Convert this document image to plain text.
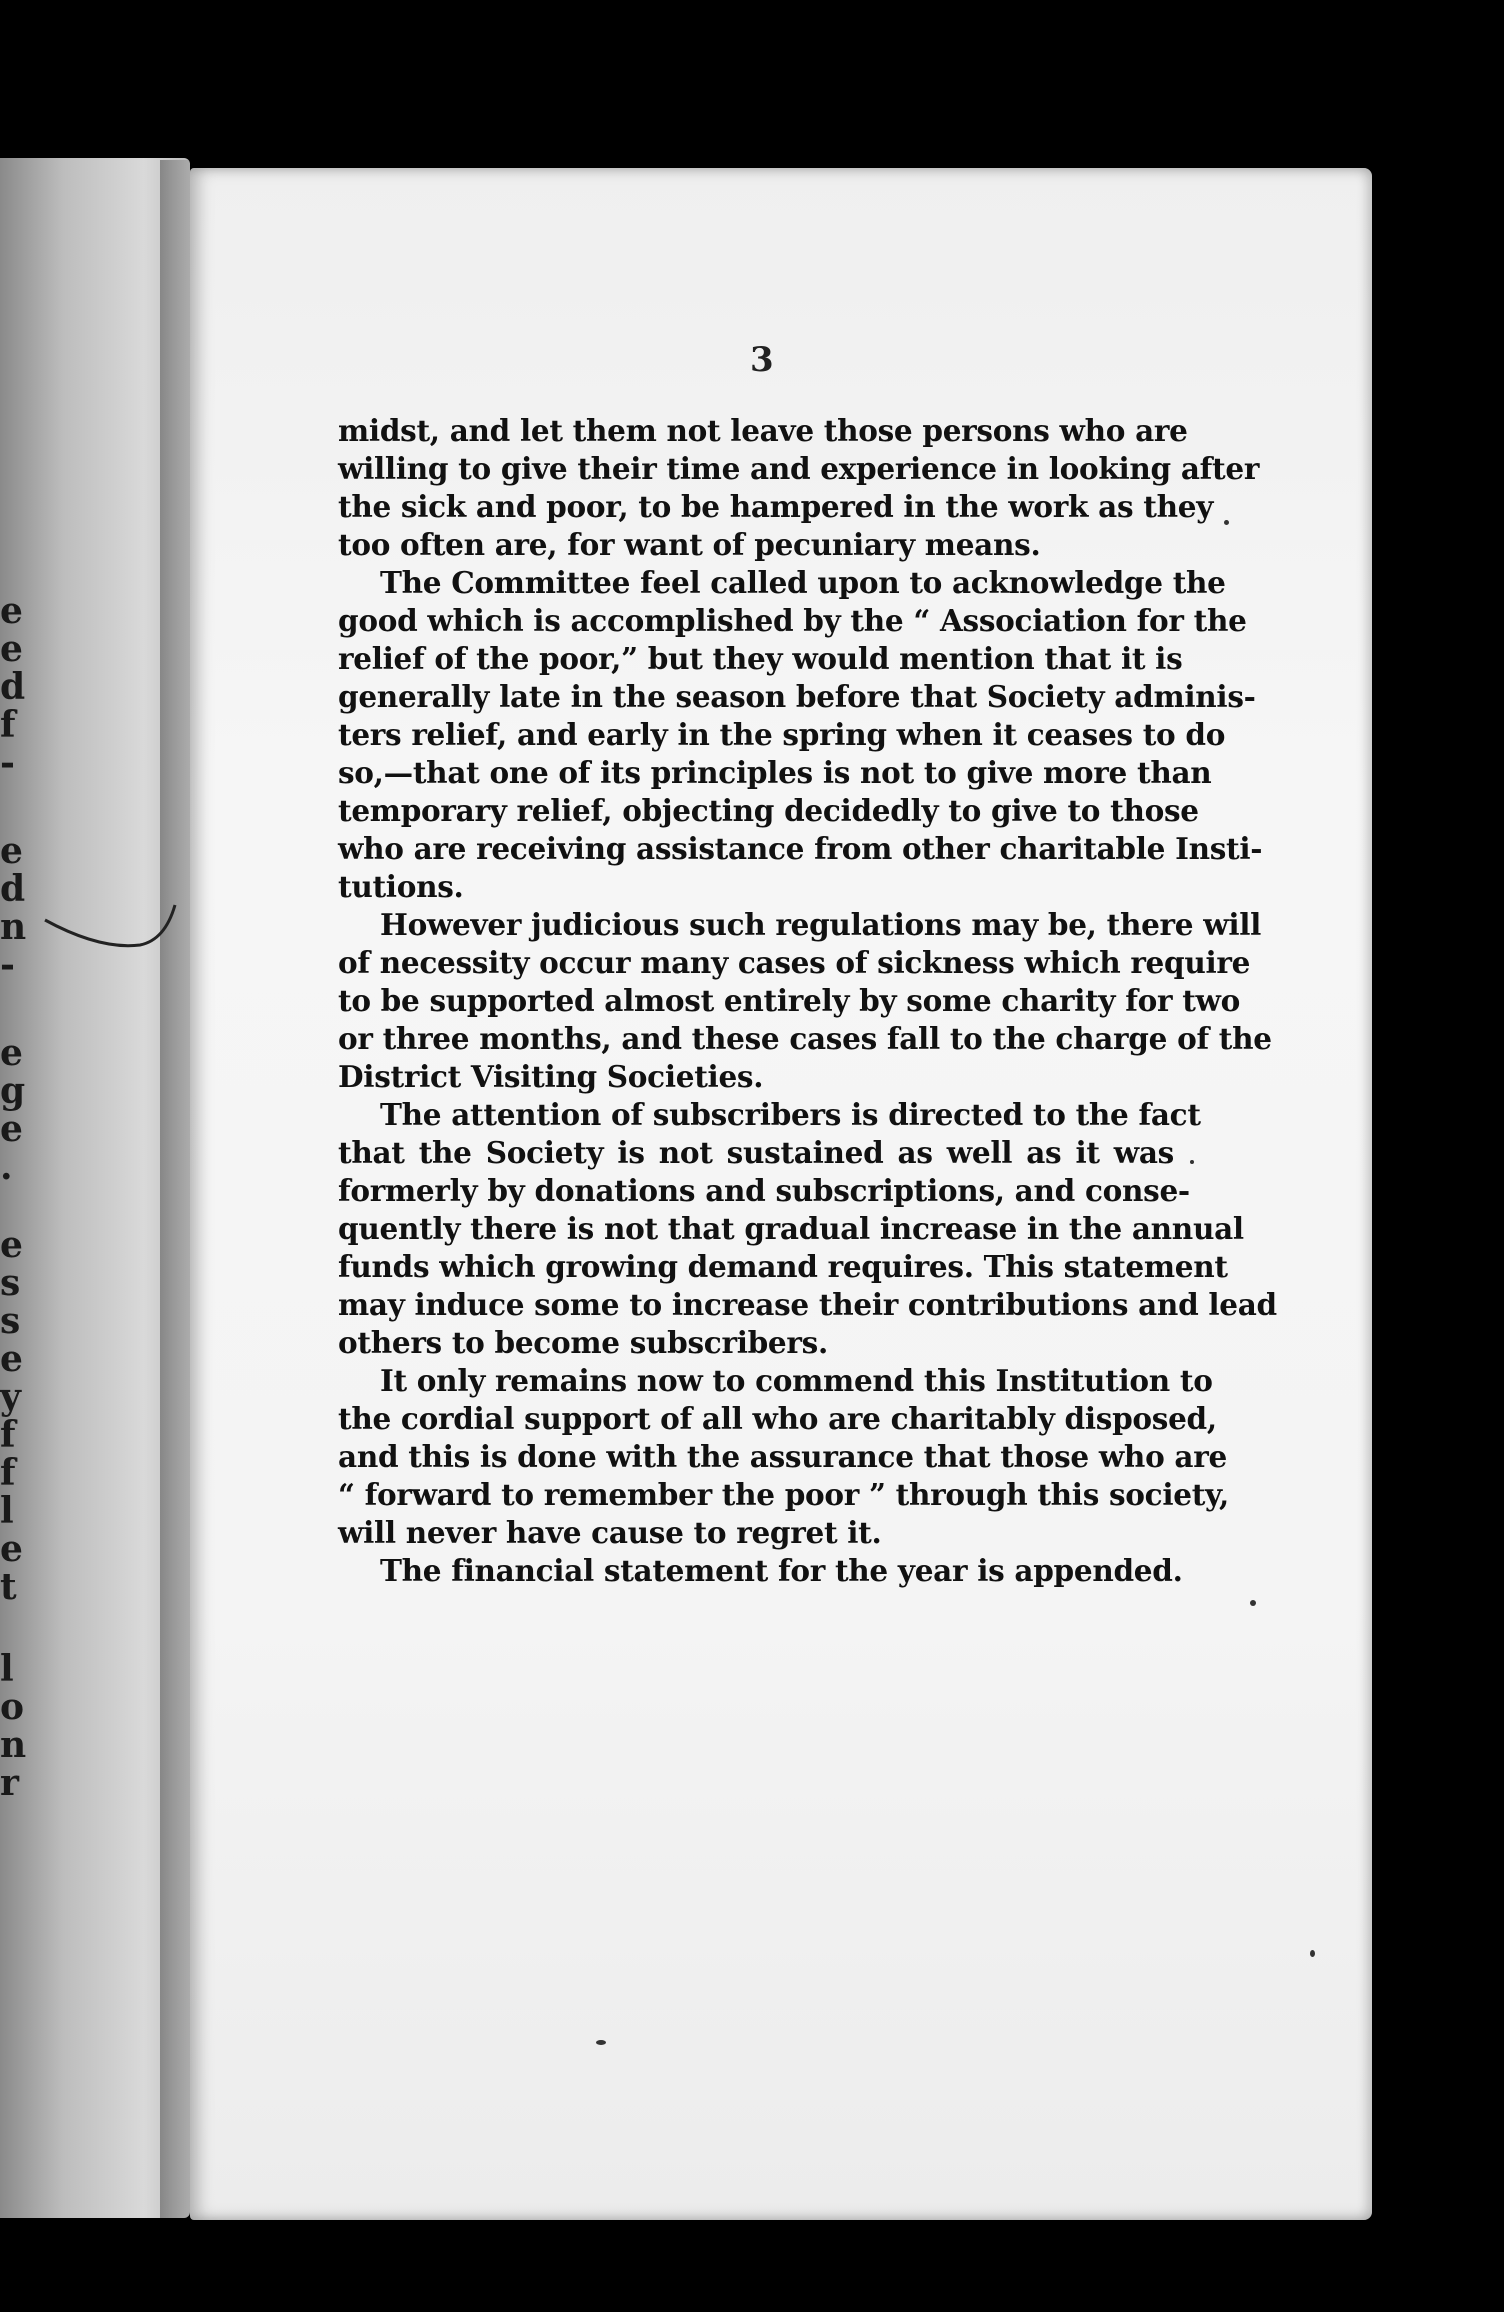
e
e
d
f
-
e
d
n
-
e
g
e
.
e
s
s
e
y
f
f
l
e
t
l
o
n
r
3
midst, and let them not leave those persons who are
willing to give their time and experience in looking after
the sick and poor, to be hampered in the work as they
too often are, for want of pecuniary means.
The Committee feel called upon to acknowledge the
good which is accomplished by the “ Association for the
relief of the poor,” but they would mention that it is
generally late in the season before that Society adminis-
ters relief, and early in the spring when it ceases to do
so,—that one of its principles is not to give more than
temporary relief, objecting decidedly to give to those
who are receiving assistance from other charitable Insti-
tutions.
However judicious such regulations may be, there will
of necessity occur many cases of sickness which require
to be supported almost entirely by some charity for two
or three months, and these cases fall to the charge of the
District Visiting Societies.
The attention of subscribers is directed to the fact
that the Society is not sustained as well as it was
formerly by donations and subscriptions, and conse-
quently there is not that gradual increase in the annual
funds which growing demand requires. This statement
may induce some to increase their contributions and lead
others to become subscribers.
It only remains now to commend this Institution to
the cordial support of all who are charitably disposed,
and this is done with the assurance that those who are
“ forward to remember the poor ” through this society,
will never have cause to regret it.
The financial statement for the year is appended.
